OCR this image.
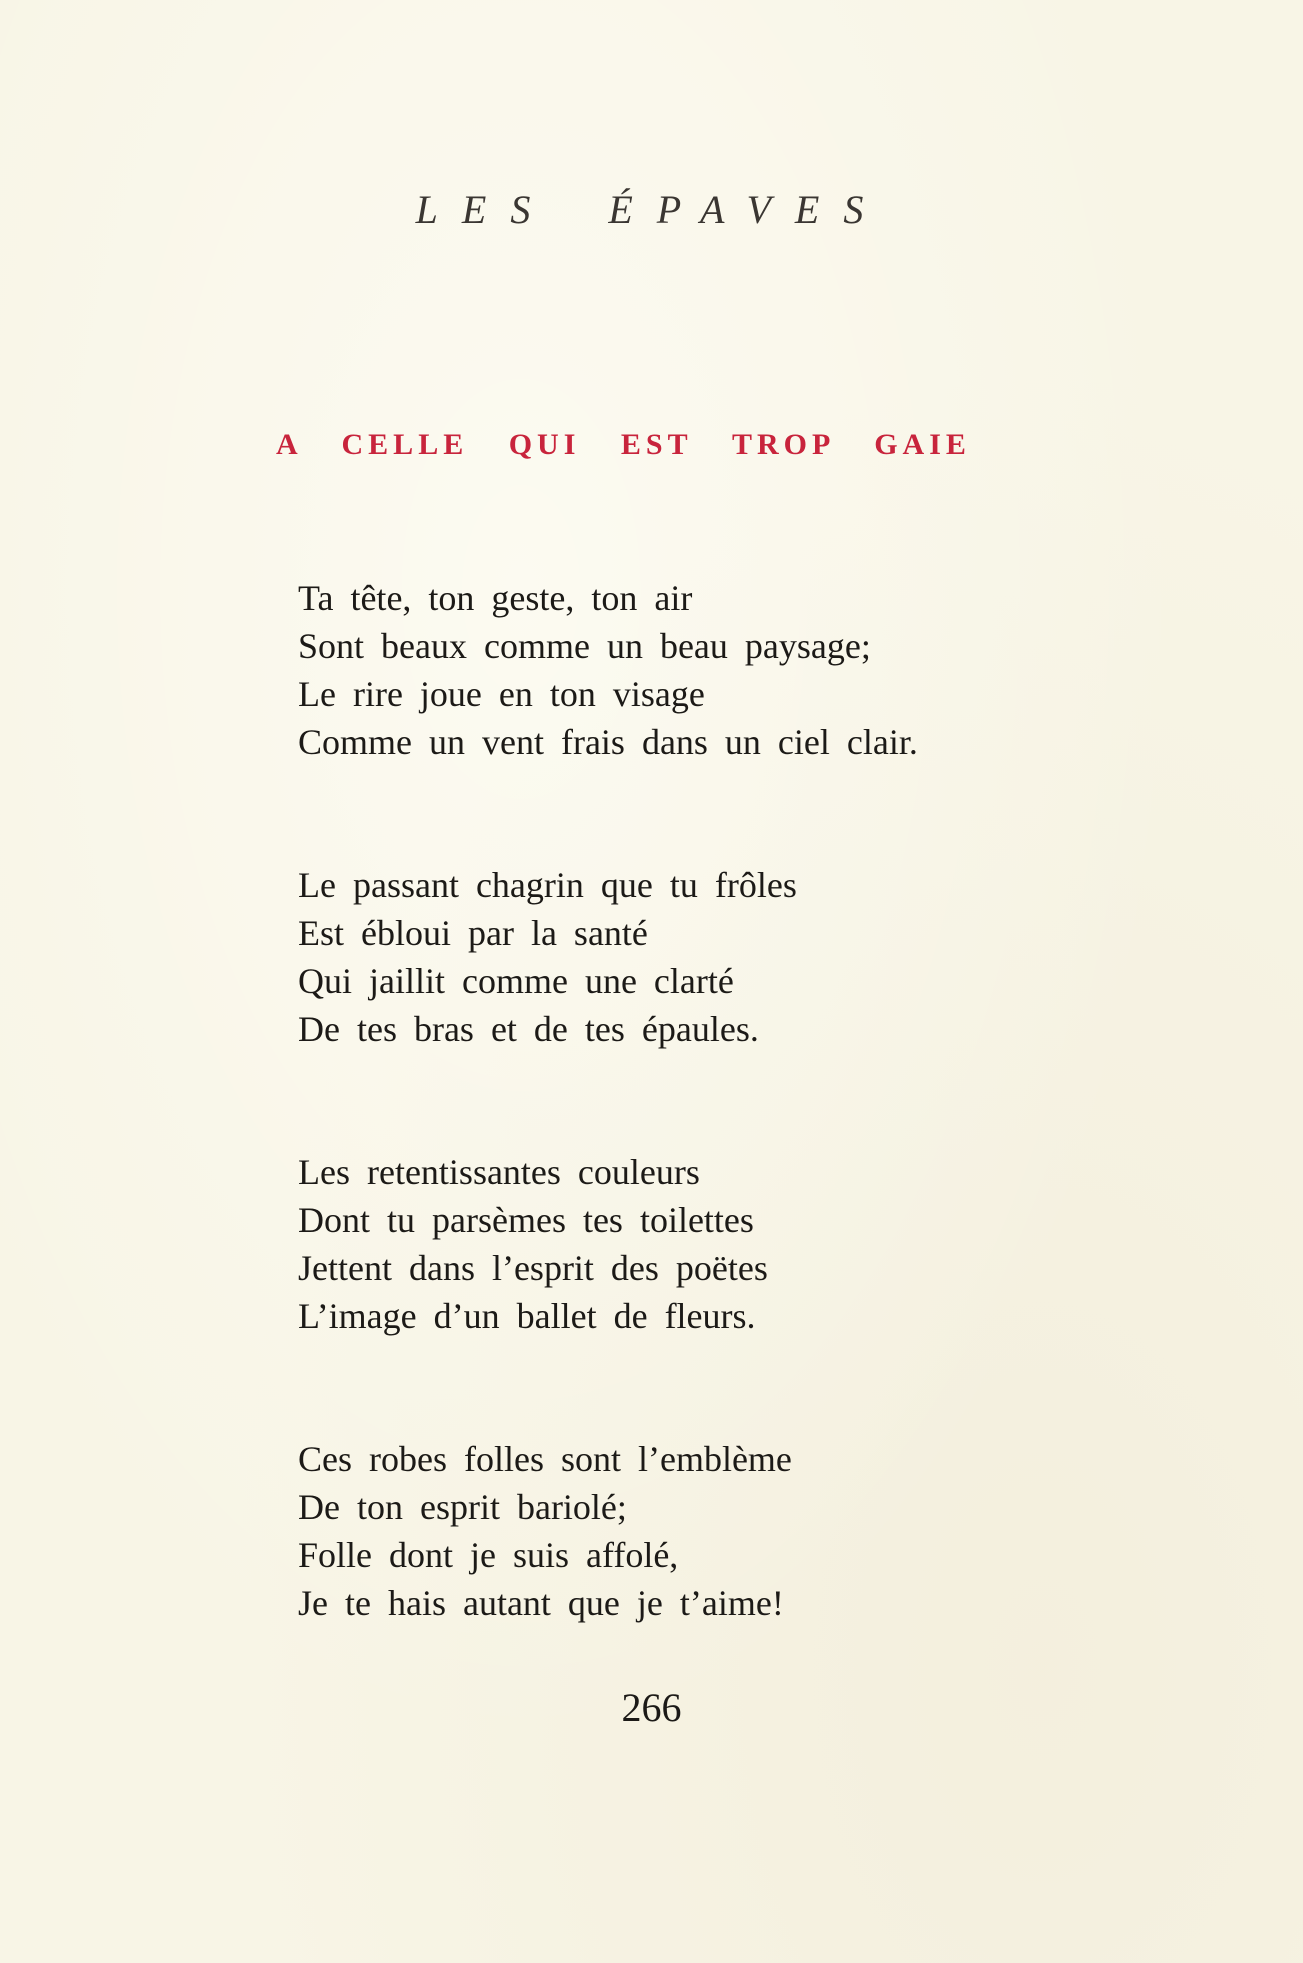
LES ÉPAVES
A CELLE QUI EST TROP GAIE
Ta tête, ton geste, ton air
Sont beaux comme un beau paysage;
Le rire joue en ton visage
Comme un vent frais dans un ciel clair.
Le passant chagrin que tu frôles
Est ébloui par la santé
Qui jaillit comme une clarté
De tes bras et de tes épaules.
Les retentissantes couleurs
Dont tu parsèmes tes toilettes
Jettent dans l’esprit des poëtes
L’image d’un ballet de fleurs.
Ces robes folles sont l’emblème
De ton esprit bariolé;
Folle dont je suis affolé,
Je te hais autant que je t’aime!
266
